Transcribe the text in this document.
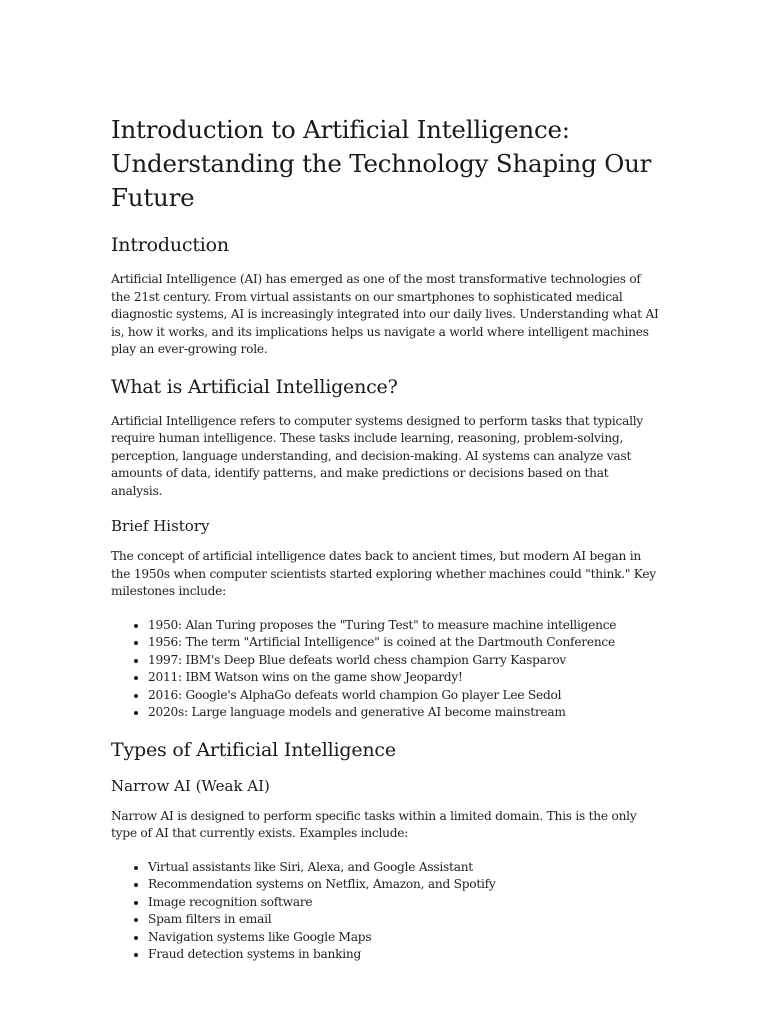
Introduction to Artificial Intelligence: Understanding the Technology Shaping Our Future
Introduction

Artificial Intelligence (AI) has emerged as one of the most transformative technologies of the 21st century. From virtual assistants on our smartphones to sophisticated medical diagnostic systems, AI is increasingly integrated into our daily lives. Understanding what AI is, how it works, and its implications helps us navigate a world where intelligent machines play an ever-growing role.

What is Artificial Intelligence?

Artificial Intelligence refers to computer systems designed to perform tasks that typically require human intelligence. These tasks include learning, reasoning, problem-solving, perception, language understanding, and decision-making. AI systems can analyze vast amounts of data, identify patterns, and make predictions or decisions based on that analysis.

Brief History

The concept of artificial intelligence dates back to ancient times, but modern AI began in the 1950s when computer scientists started exploring whether machines could "think." Key milestones include:

• 1950: Alan Turing proposes the "Turing Test" to measure machine intelligence
• 1956: The term "Artificial Intelligence" is coined at the Dartmouth Conference
• 1997: IBM's Deep Blue defeats world chess champion Garry Kasparov
• 2011: IBM Watson wins on the game show Jeopardy!
• 2016: Google's AlphaGo defeats world champion Go player Lee Sedol
• 2020s: Large language models and generative AI become mainstream
Types of Artificial Intelligence
Narrow AI (Weak AI)

Narrow AI is designed to perform specific tasks within a limited domain. This is the only type of AI that currently exists. Examples include:

• Virtual assistants like Siri, Alexa, and Google Assistant
• Recommendation systems on Netflix, Amazon, and Spotify
• Image recognition software
• Spam filters in email
• Navigation systems like Google Maps
• Fraud detection systems in banking
